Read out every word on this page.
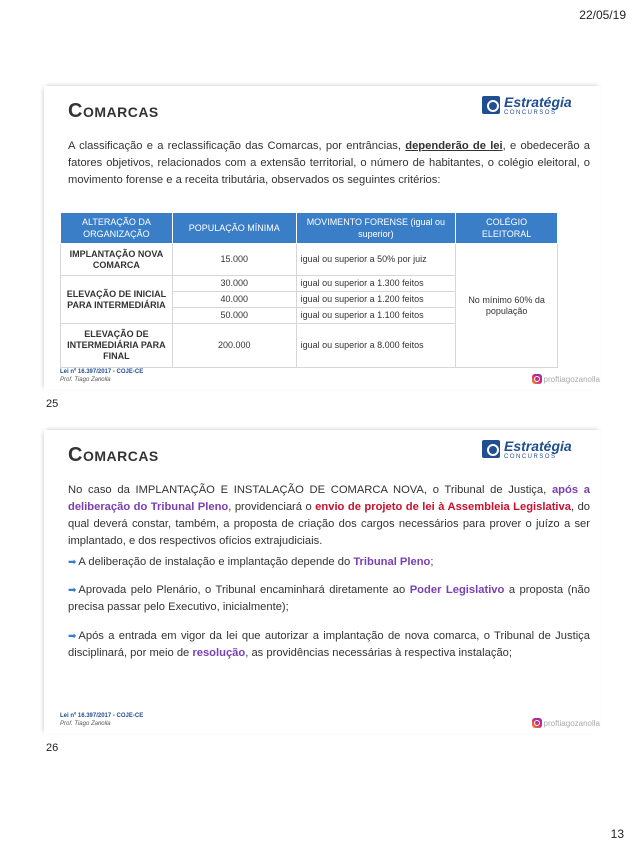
22/05/19
Estratégia
CONCURSOS
Comarcas
A classificação e a reclassificação das Comarcas, por entrâncias, dependerão de lei, e obedecerão a fatores objetivos, relacionados com a extensão territorial, o número de habitantes, o colégio eleitoral, o movimento forense e a receita tributária, observados os seguintes critérios:
ALTERAÇÃO DA ORGANIZAÇÃO	POPULAÇÃO MÍNIMA	MOVIMENTO FORENSE (igual ou superior)	COLÉGIO ELEITORAL
IMPLANTAÇÃO NOVA COMARCA	15.000	igual ou superior a 50% por juiz	No mínimo 60% da população
ELEVAÇÃO DE INICIAL PARA INTERMEDIÁRIA	30.000	igual ou superior a 1.300 feitos	
	40.000	igual ou superior a 1.200 feitos	
	50.000	igual ou superior a 1.100 feitos	
ELEVAÇÃO DE INTERMEDIÁRIA PARA FINAL	200.000	igual ou superior a 8.000 feitos	
Lei nº 16.397/2017 - COJE-CE
Prof. Tiago Zanolla	proftiagozanolla
25
Estratégia
CONCURSOS
Comarcas
No caso da IMPLANTAÇÃO E INSTALAÇÃO DE COMARCA NOVA, o Tribunal de Justiça, após a deliberação do Tribunal Pleno, providenciará o envio de projeto de lei à Assembleia Legislativa, do qual deverá constar, também, a proposta de criação dos cargos necessários para prover o juízo a ser implantado, e dos respectivos ofícios extrajudiciais.
➡ A deliberação de instalação e implantação depende do Tribunal Pleno;
➡ Aprovada pelo Plenário, o Tribunal encaminhará diretamente ao Poder Legislativo a proposta (não precisa passar pelo Executivo, inicialmente);
➡ Após a entrada em vigor da lei que autorizar a implantação de nova comarca, o Tribunal de Justiça disciplinará, por meio de resolução, as providências necessárias à respectiva instalação;
Lei nº 16.397/2017 - COJE-CE
Prof. Tiago Zanolla	proftiagozanolla
26
13
